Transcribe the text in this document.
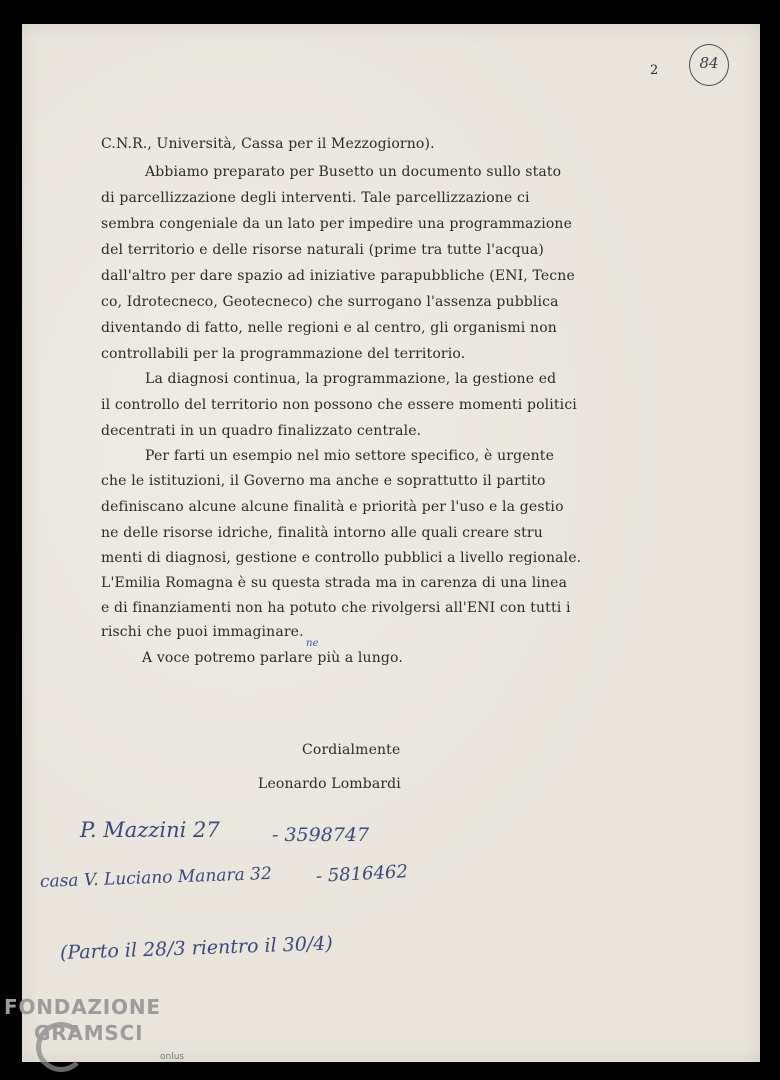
2	84
C.N.R., Università, Cassa per il Mezzogiorno).
Abbiamo preparato per Busetto un documento sullo stato
di parcellizzazione degli interventi. Tale parcellizzazione ci
sembra congeniale da un lato per impedire una programmazione
del territorio e delle risorse naturali (prime tra tutte l'acqua)
dall'altro per dare spazio ad iniziative parapubbliche (ENI, Tecne
co, Idrotecneco, Geotecneco) che surrogano l'assenza pubblica
diventando di fatto, nelle regioni e al centro, gli organismi non
controllabili per la programmazione del territorio.
La diagnosi continua, la programmazione, la gestione ed
il controllo del territorio non possono che essere momenti politici
decentrati in un quadro finalizzato centrale.
Per farti un esempio nel mio settore specifico, è urgente
che le istituzioni, il Governo ma anche e soprattutto il partito
definiscano alcune alcune finalità e priorità per l'uso e la gestio
ne delle risorse idriche, finalità intorno alle quali creare stru
menti di diagnosi, gestione e controllo pubblici a livello regionale.
L'Emilia Romagna è su questa strada ma in carenza di una linea
e di finanziamenti non ha potuto che rivolgersi all'ENI con tutti i
rischi che puoi immaginare.
A voce potremo parlare più a lungo.
ne
Cordialmente
Leonardo Lombardi
P. Mazzini 27	- 3598747
casa V. Luciano Manara 32 - 5816462
(Parto il 28/3 rientro il 30/4)
FONDAZIONE
GRAMSCI
onlus
